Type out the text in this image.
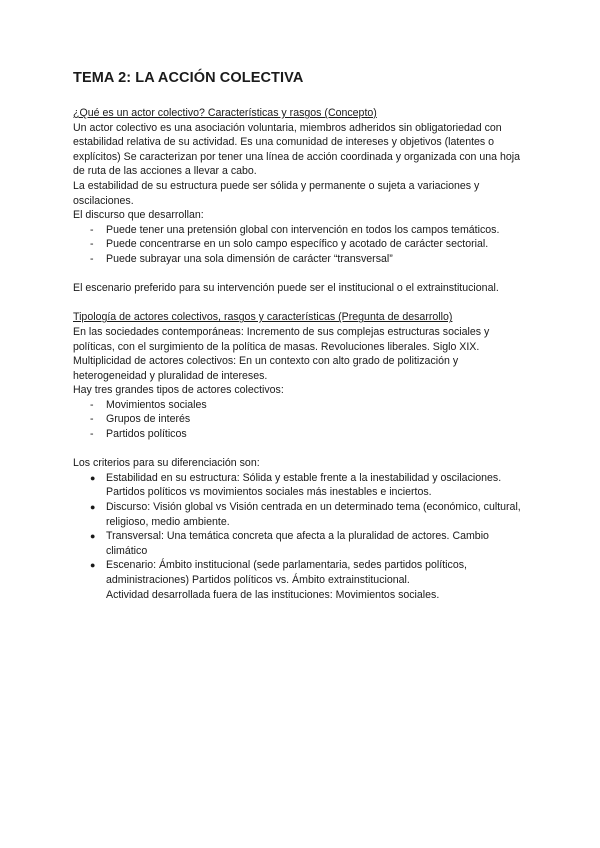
TEMA 2: LA ACCIÓN COLECTIVA

¿Qué es un actor colectivo? Características y rasgos (Concepto)

Un actor colectivo es una asociación voluntaria, miembros adheridos sin obligatoriedad con estabilidad relativa de su actividad. Es una comunidad de intereses y objetivos (latentes o explícitos) Se caracterizan por tener una línea de acción coordinada y organizada con una hoja de ruta de las acciones a llevar a cabo.

La estabilidad de su estructura puede ser sólida y permanente o sujeta a variaciones y oscilaciones.

El discurso que desarrollan:

- Puede tener una pretensión global con intervención en todos los campos temáticos.
- Puede concentrarse en un solo campo específico y acotado de carácter sectorial.
- Puede subrayar una sola dimensión de carácter “transversal”

El escenario preferido para su intervención puede ser el institucional o el extrainstitucional.

Tipología de actores colectivos, rasgos y características (Pregunta de desarrollo)

En las sociedades contemporáneas: Incremento de sus complejas estructuras sociales y políticas, con el surgimiento de la política de masas. Revoluciones liberales. Siglo XIX.

Multiplicidad de actores colectivos: En un contexto con alto grado de politización y heterogeneidad y pluralidad de intereses.

Hay tres grandes tipos de actores colectivos:

- Movimientos sociales
- Grupos de interés
- Partidos políticos

Los criterios para su diferenciación son:

● Estabilidad en su estructura: Sólida y estable frente a la inestabilidad y oscilaciones. Partidos políticos vs movimientos sociales más inestables e inciertos.
● Discurso: Visión global vs Visión centrada en un determinado tema (económico, cultural, religioso, medio ambiente.
● Transversal: Una temática concreta que afecta a la pluralidad de actores. Cambio climático
● Escenario: Ámbito institucional (sede parlamentaria, sedes partidos políticos, administraciones) Partidos políticos vs. Ámbito extrainstitucional.
Actividad desarrollada fuera de las instituciones: Movimientos sociales.
